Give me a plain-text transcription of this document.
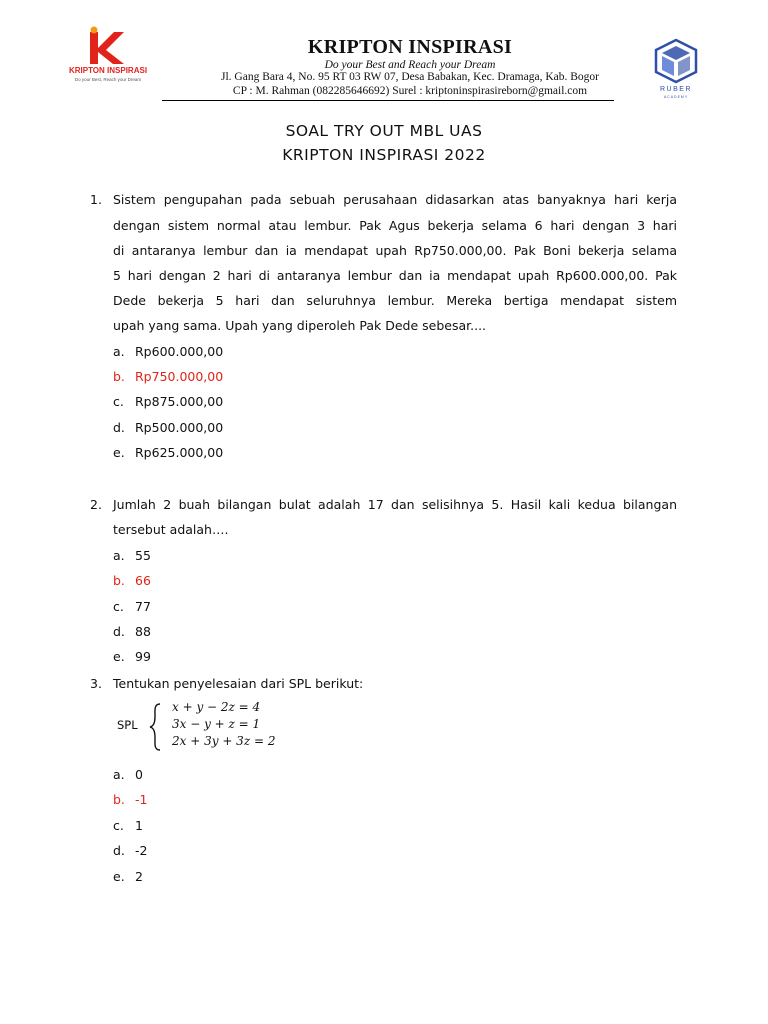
KRIPTON INSPIRASI
Do your Best, Reach your Dream
RUBER
ACADEMY
KRIPTON INSPIRASI
Do your Best and Reach your Dream
Jl. Gang Bara 4, No. 95 RT 03 RW 07, Desa Babakan, Kec. Dramaga, Kab. Bogor
CP : M. Rahman (082285646692) Surel : kriptoninspirasireborn@gmail.com
SOAL TRY OUT MBL UAS
KRIPTON INSPIRASI 2022
1. Sistem pengupahan pada sebuah perusahaan didasarkan atas banyaknya hari kerja
dengan sistem normal atau lembur. Pak Agus bekerja selama 6 hari dengan 3 hari
di antaranya lembur dan ia mendapat upah Rp750.000,00. Pak Boni bekerja selama
5 hari dengan 2 hari di antaranya lembur dan ia mendapat upah Rp600.000,00. Pak
Dede bekerja 5 hari dan seluruhnya lembur. Mereka bertiga mendapat sistem
upah yang sama. Upah yang diperoleh Pak Dede sebesar....
a. Rp600.000,00
b. Rp750.000,00
c. Rp875.000,00
d. Rp500.000,00
e. Rp625.000,00
2. Jumlah 2 buah bilangan bulat adalah 17 dan selisihnya 5. Hasil kali kedua bilangan
tersebut adalah….
a. 55
b. 66
c. 77
d. 88
e. 99
3. Tentukan penyelesaian dari SPL berikut:
SPL
x + y − 2z = 4
3x − y + z = 1
2x + 3y + 3z = 2
a. 0
b. -1
c. 1
d. -2
e. 2
